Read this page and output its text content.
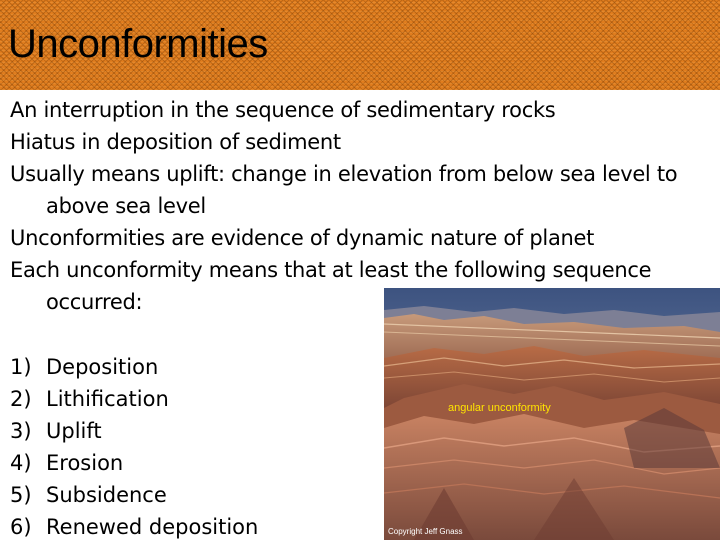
Unconformities
An interruption in the sequence of sedimentary rocks
Hiatus in deposition of sediment
Usually means uplift: change in elevation from below sea level to above sea level
Unconformities are evidence of dynamic nature of planet
Each unconformity means that at least the following sequence occurred:
1) Deposition
2) Lithification
3) Uplift
4) Erosion
5) Subsidence
6) Renewed deposition
angular unconformity
Copyright Jeff Gnass
